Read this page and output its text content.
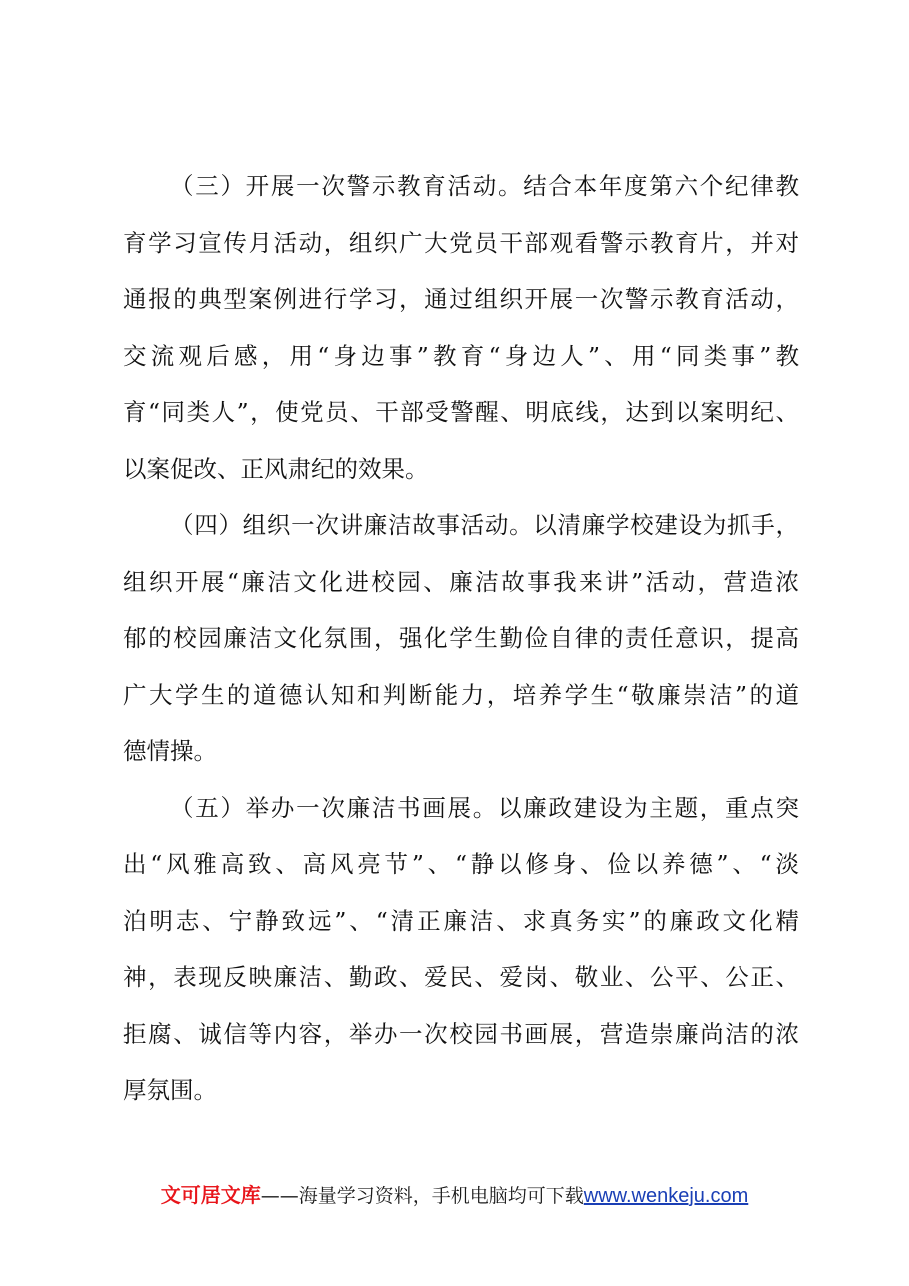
（三）开展一次警示教育活动。结合本年度第六个纪律教
育学习宣传月活动，组织广大党员干部观看警示教育片，并对
通报的典型案例进行学习，通过组织开展一次警示教育活动，
交流观后感，用“身边事”教育“身边人”、用“同类事”教
育“同类人”，使党员、干部受警醒、明底线，达到以案明纪、
以案促改、正风肃纪的效果。
（四）组织一次讲廉洁故事活动。以清廉学校建设为抓手，
组织开展“廉洁文化进校园、廉洁故事我来讲”活动，营造浓
郁的校园廉洁文化氛围，强化学生勤俭自律的责任意识，提高
广大学生的道德认知和判断能力，培养学生“敬廉崇洁”的道
德情操。
（五）举办一次廉洁书画展。以廉政建设为主题，重点突
出“风雅高致、高风亮节”、“静以修身、俭以养德”、“淡
泊明志、宁静致远”、“清正廉洁、求真务实”的廉政文化精
神，表现反映廉洁、勤政、爱民、爱岗、敬业、公平、公正、
拒腐、诚信等内容，举办一次校园书画展，营造崇廉尚洁的浓
厚氛围。
文可居文库——海量学习资料，手机电脑均可下载www.wenkeju.com
